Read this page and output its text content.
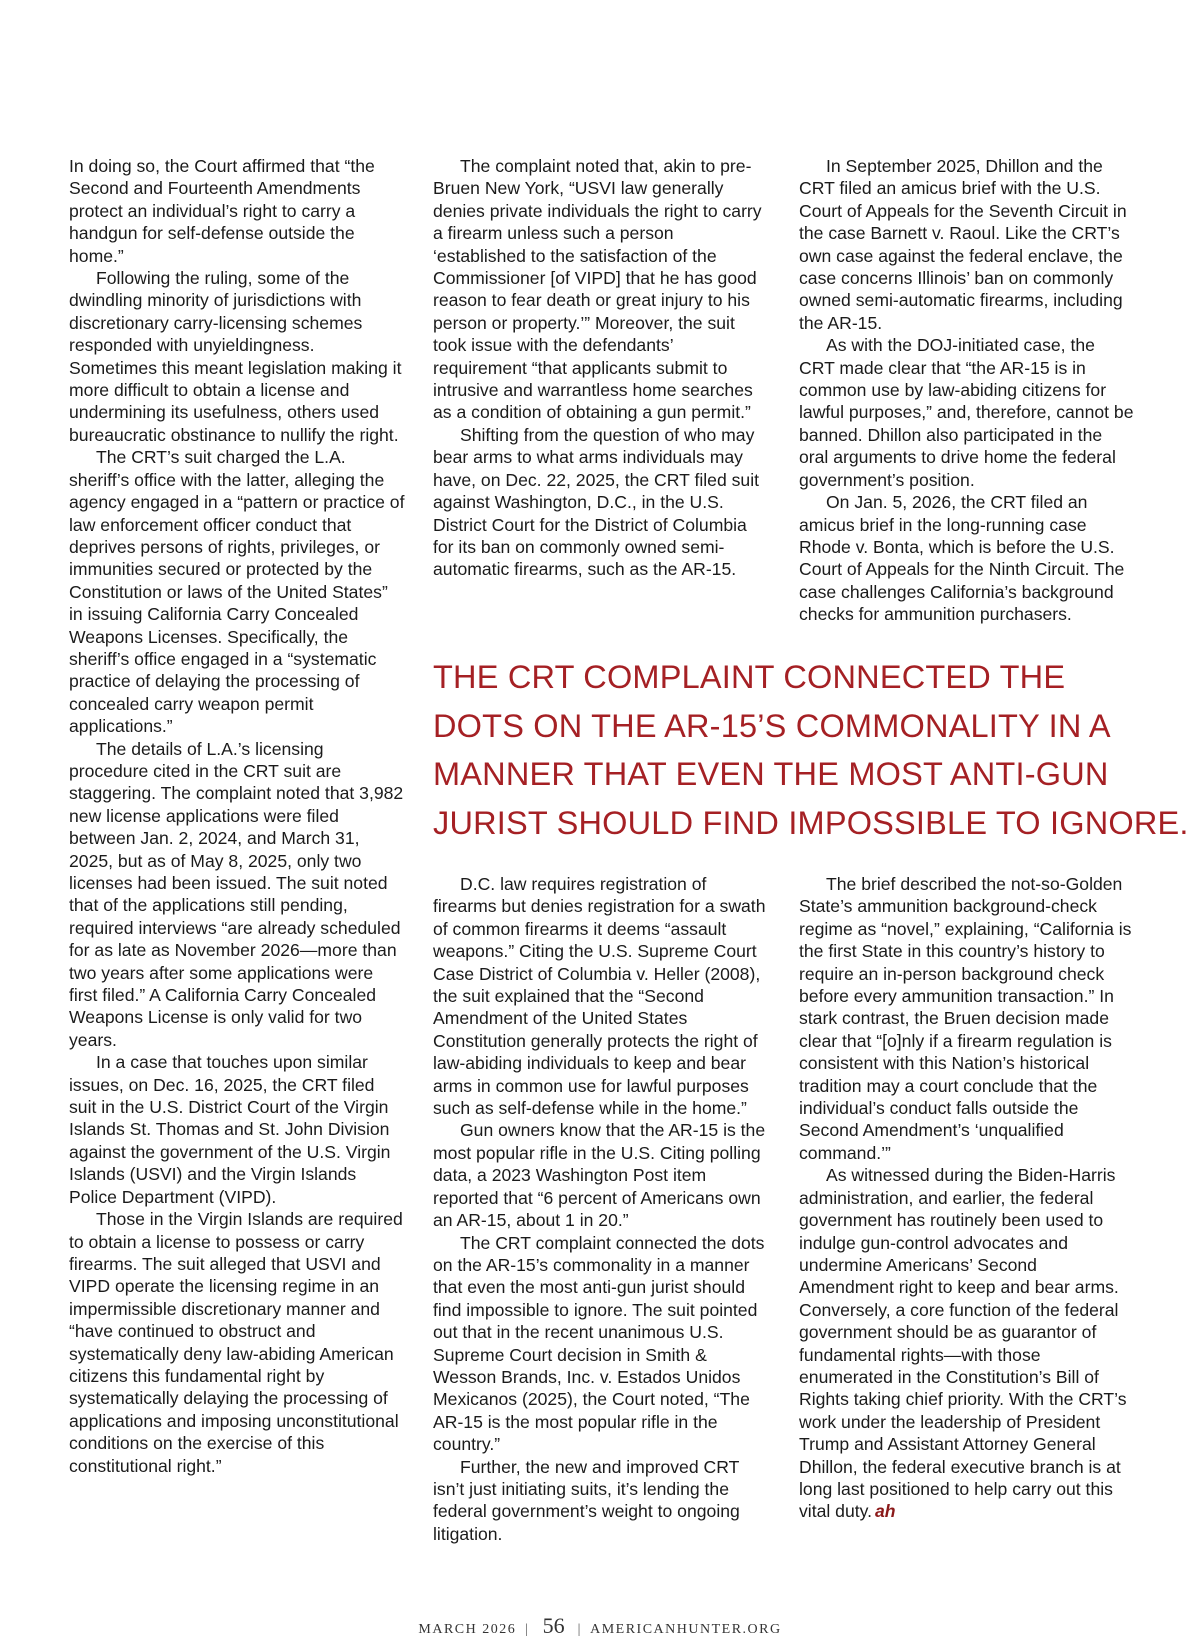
In doing so, the Court affirmed that “the Second and Fourteenth Amendments protect an individual’s right to carry a handgun for self-defense outside the home.”

Following the ruling, some of the dwindling minority of jurisdictions with discretionary carry-licensing schemes responded with unyieldingness. Sometimes this meant legislation making it more difficult to obtain a license and undermining its usefulness, others used bureaucratic obstinance to nullify the right.

The CRT’s suit charged the L.A. sheriff’s office with the latter, alleging the agency engaged in a “pattern or practice of law enforcement officer conduct that deprives persons of rights, privileges, or immunities secured or protected by the Constitution or laws of the United States” in issuing California Carry Concealed Weapons Licenses. Specifically, the sheriff’s office engaged in a “systematic practice of delaying the processing of concealed carry weapon permit applications.”

The details of L.A.’s licensing procedure cited in the CRT suit are staggering. The complaint noted that 3,982 new license applications were filed between Jan. 2, 2024, and March 31, 2025, but as of May 8, 2025, only two licenses had been issued. The suit noted that of the applications still pending, required interviews “are already scheduled for as late as November 2026—more than two years after some applications were first filed.” A California Carry Concealed Weapons License is only valid for two years.

In a case that touches upon similar issues, on Dec. 16, 2025, the CRT filed suit in the U.S. District Court of the Virgin Islands St. Thomas and St. John Division against the government of the U.S. Virgin Islands (USVI) and the Virgin Islands Police Department (VIPD).

Those in the Virgin Islands are required to obtain a license to possess or carry firearms. The suit alleged that USVI and VIPD operate the licensing regime in an impermissible discretionary manner and “have continued to obstruct and systematically deny law-abiding American citizens this fundamental right by systematically delaying the processing of applications and imposing unconstitutional conditions on the exercise of this constitutional right.”

The complaint noted that, akin to pre-Bruen New York, “USVI law generally denies private individuals the right to carry a firearm unless such a person ‘established to the satisfaction of the Commissioner [of VIPD] that he has good reason to fear death or great injury to his person or property.’” Moreover, the suit took issue with the defendants’ requirement “that applicants submit to intrusive and warrantless home searches as a condition of obtaining a gun permit.”

Shifting from the question of who may bear arms to what arms individuals may have, on Dec. 22, 2025, the CRT filed suit against Washington, D.C., in the U.S. District Court for the District of Columbia for its ban on commonly owned semi-automatic firearms, such as the AR-15.

In September 2025, Dhillon and the CRT filed an amicus brief with the U.S. Court of Appeals for the Seventh Circuit in the case Barnett v. Raoul. Like the CRT’s own case against the federal enclave, the case concerns Illinois’ ban on commonly owned semi-automatic firearms, including the AR-15.

As with the DOJ-initiated case, the CRT made clear that “the AR-15 is in common use by law-abiding citizens for lawful purposes,” and, therefore, cannot be banned. Dhillon also participated in the oral arguments to drive home the federal government’s position.

On Jan. 5, 2026, the CRT filed an amicus brief in the long-running case Rhode v. Bonta, which is before the U.S. Court of Appeals for the Ninth Circuit. The case challenges California’s background checks for ammunition purchasers.

THE CRT COMPLAINT CONNECTED THE
DOTS ON THE AR-15’S COMMONALITY IN A
MANNER THAT EVEN THE MOST ANTI-GUN
JURIST SHOULD FIND IMPOSSIBLE TO IGNORE.

D.C. law requires registration of firearms but denies registration for a swath of common firearms it deems “assault weapons.” Citing the U.S. Supreme Court Case District of Columbia v. Heller (2008), the suit explained that the “Second Amendment of the United States Constitution generally protects the right of law-abiding individuals to keep and bear arms in common use for lawful purposes such as self-defense while in the home.”

Gun owners know that the AR-15 is the most popular rifle in the U.S. Citing polling data, a 2023 Washington Post item reported that “6 percent of Americans own an AR-15, about 1 in 20.”

The CRT complaint connected the dots on the AR-15’s commonality in a manner that even the most anti-gun jurist should find impossible to ignore. The suit pointed out that in the recent unanimous U.S. Supreme Court decision in Smith & Wesson Brands, Inc. v. Estados Unidos Mexicanos (2025), the Court noted, “The AR-15 is the most popular rifle in the country.”

Further, the new and improved CRT isn’t just initiating suits, it’s lending the federal government’s weight to ongoing litigation.

The brief described the not-so-Golden State’s ammunition background-check regime as “novel,” explaining, “California is the first State in this country’s history to require an in-person background check before every ammunition transaction.” In stark contrast, the Bruen decision made clear that “[o]nly if a firearm regulation is consistent with this Nation’s historical tradition may a court conclude that the individual’s conduct falls outside the Second Amendment’s ‘unqualified command.’”

As witnessed during the Biden-Harris administration, and earlier, the federal government has routinely been used to indulge gun-control advocates and undermine Americans’ Second Amendment right to keep and bear arms. Conversely, a core function of the federal government should be as guarantor of fundamental rights—with those enumerated in the Constitution’s Bill of Rights taking chief priority. With the CRT’s work under the leadership of President Trump and Assistant Attorney General Dhillon, the federal executive branch is at long last positioned to help carry out this vital duty. ah

MARCH 2026 | 56 | AMERICANHUNTER.ORG
